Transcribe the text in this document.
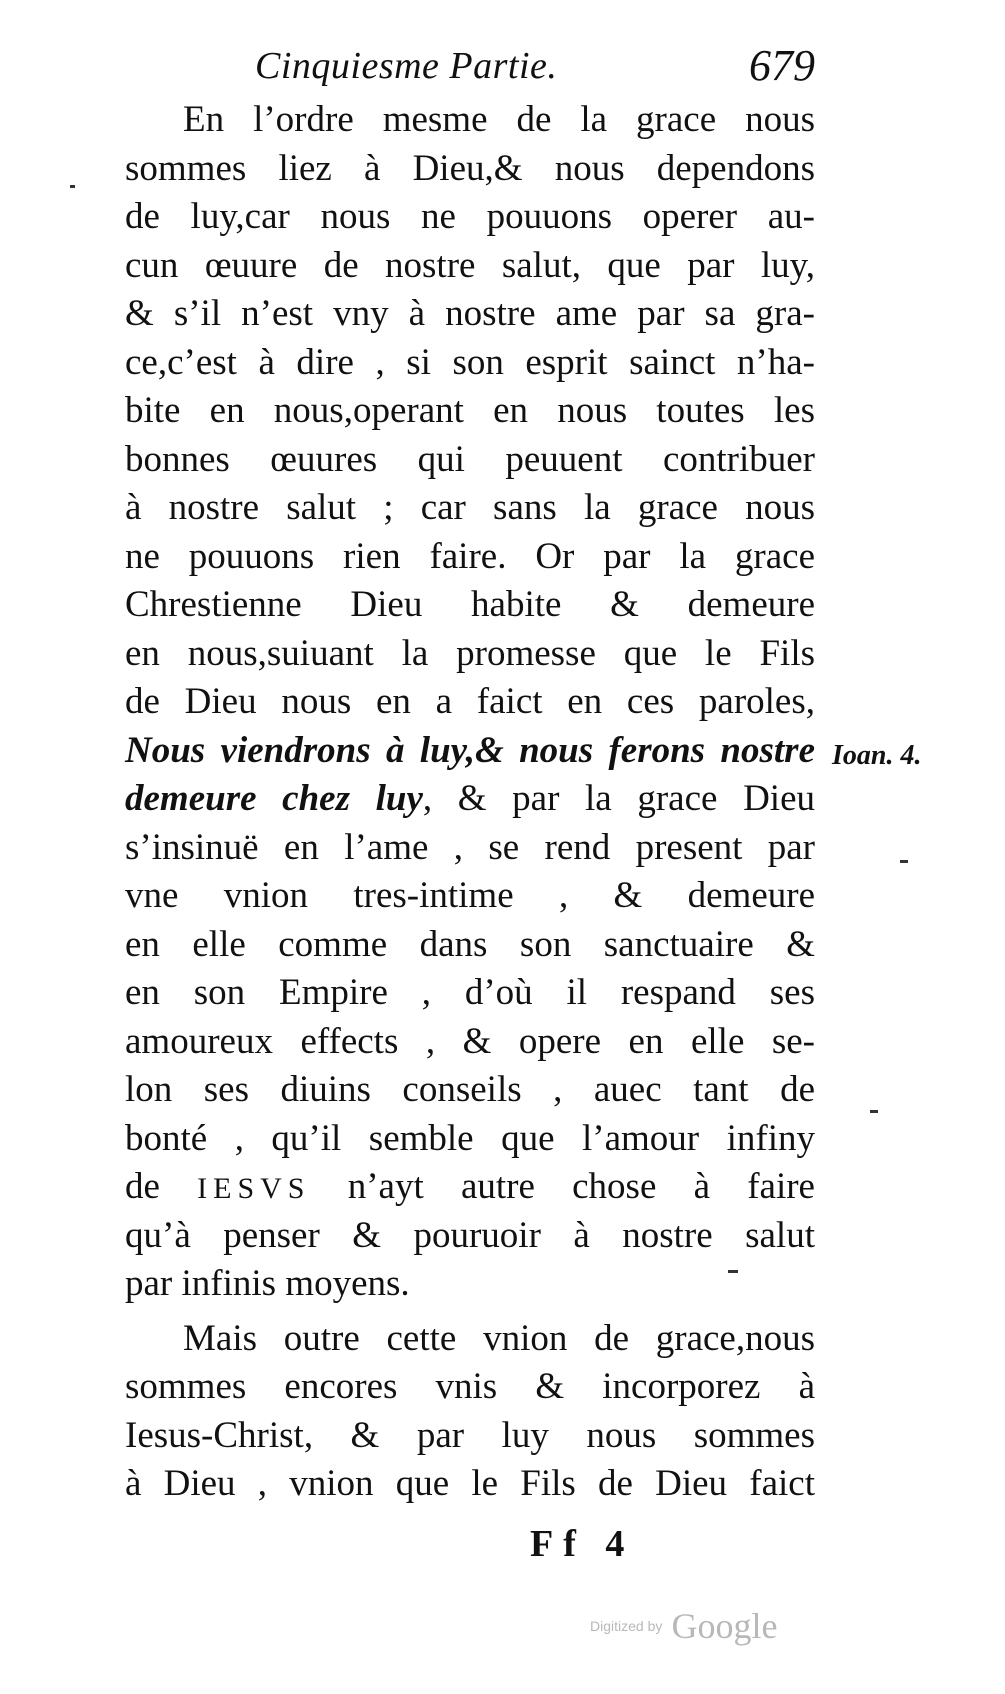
Cinquiesme Partie.	679
En l’ordre mesme de la grace nous
sommes liez à Dieu,& nous dependons
de luy,car nous ne pouuons operer au-
cun œuure de nostre salut, que par luy,
& s’il n’est vny à nostre ame par sa gra-
ce,c’est à dire , si son esprit sainct n’ha-
bite en nous,operant en nous toutes les
bonnes œuures qui peuuent contribuer
à nostre salut ; car sans la grace nous
ne pouuons rien faire. Or par la grace
Chrestienne Dieu habite & demeure
en nous,suiuant la promesse que le Fils
de Dieu nous en a faict en ces paroles,
Nous viendrons à luy,& nous ferons nostre
demeure chez luy, & par la grace Dieu
s’insinuë en l’ame , se rend present par
vne vnion tres-intime , & demeure
en elle comme dans son sanctuaire &
en son Empire , d’où il respand ses
amoureux effects , & opere en elle se-
lon ses diuins conseils , auec tant de
bonté , qu’il semble que l’amour infiny
de IESVS n’ayt autre chose à faire
qu’à penser & pouruoir à nostre salut
par infinis moyens.
Mais outre cette vnion de grace,nous
sommes encores vnis & incorporez à
Iesus-Christ, & par luy nous sommes
à Dieu , vnion que le Fils de Dieu faict
Ioan. 4.
Ff 4
Digitized by Google
